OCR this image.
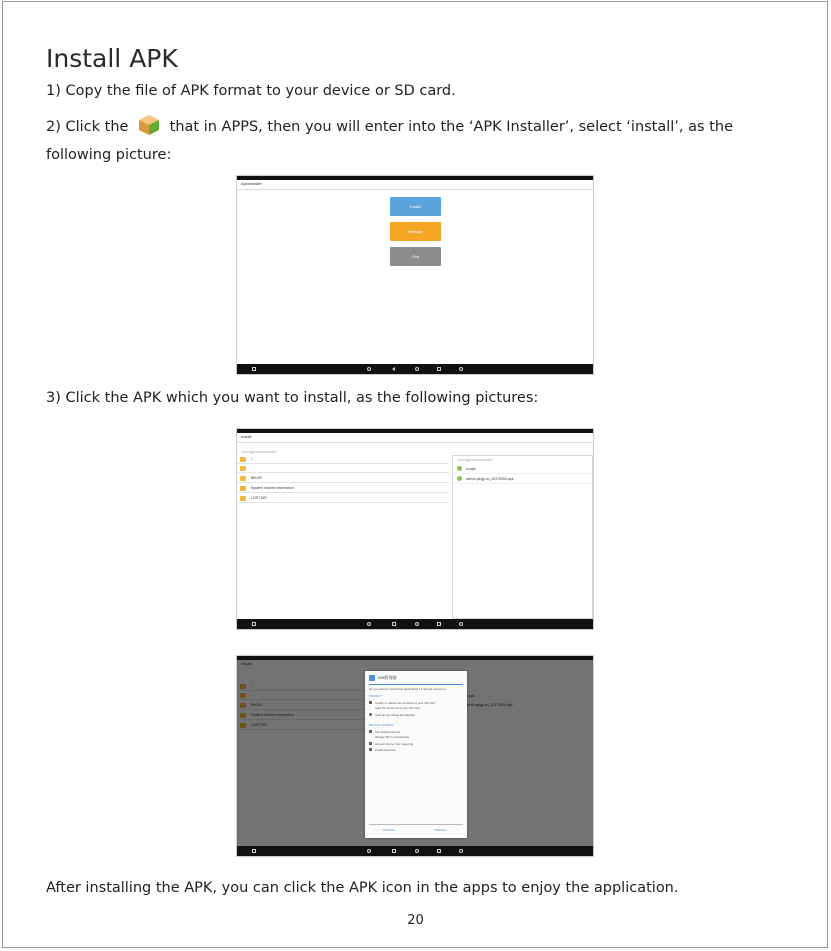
Install APK
1) Copy the file of APK format to your device or SD card.
2) Click the	that in APPS, then you will enter into the ‘APK Installer’, select ‘install’, as the
following picture:
ApkInstaller
Install
Manage
Exit
3) Click the APK which you want to install, as the following pictures:
Install
/storage/emulated/0
/
..
BIKOR
System Volume Information
LOST.DIR
/storage/emulated/0
nr.apk
weixin.pingji.cn_20170000.apk
Wifi管理器
Do you want to install this application? It will get access to:
PRIVACY
modify or delete the contents of your SD card
read the contents of your SD card
read phone status and identity
DEVICE ACCESS
full network access
change Wi-Fi connectivity
prevent phone from sleeping
install shortcuts
CANCEL	INSTALL
After installing the APK, you can click the APK icon in the apps to enjoy the application.
20
